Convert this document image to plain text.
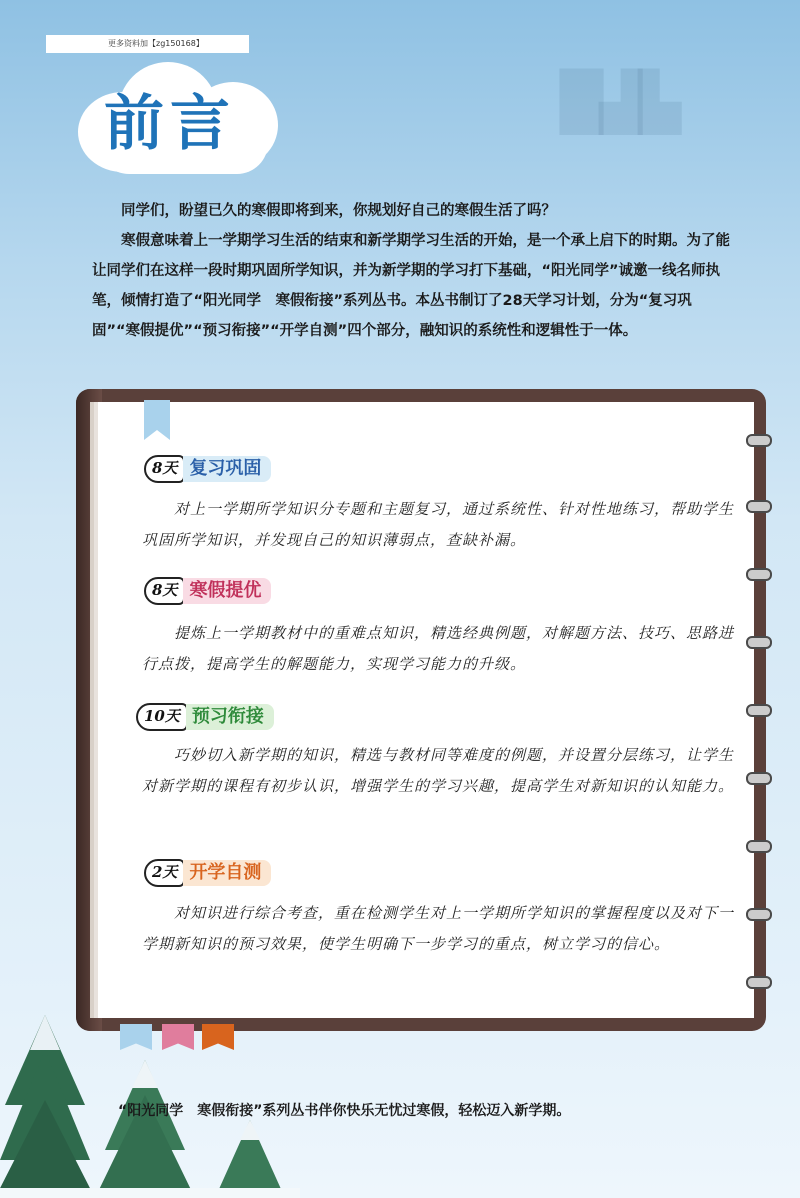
更多资料加【zg150168】
█▟▙
前言

同学们，盼望已久的寒假即将到来，你规划好自己的寒假生活了吗？

寒假意味着上一学期学习生活的结束和新学期学习生活的开始，是一个承上启下的时期。为了能让同学们在这样一段时期巩固所学知识，并为新学期的学习打下基础，“阳光同学”诚邀一线名师执笔，倾情打造了“阳光同学　寒假衔接”系列丛书。本丛书制订了28天学习计划，分为“复习巩固”“寒假提优”“预习衔接”“开学自测”四个部分，融知识的系统性和逻辑性于一体。

8天 复习巩固

对上一学期所学知识分专题和主题复习，通过系统性、针对性地练习，帮助学生巩固所学知识，并发现自己的知识薄弱点，查缺补漏。

8天 寒假提优

提炼上一学期教材中的重难点知识，精选经典例题，对解题方法、技巧、思路进行点拨，提高学生的解题能力，实现学习能力的升级。

10天 预习衔接

巧妙切入新学期的知识，精选与教材同等难度的例题，并设置分层练习，让学生对新学期的课程有初步认识，增强学生的学习兴趣，提高学生对新知识的认知能力。

2天 开学自测

对知识进行综合考查，重在检测学生对上一学期所学知识的掌握程度以及对下一学期新知识的预习效果，使学生明确下一步学习的重点，树立学习的信心。

“阳光同学　寒假衔接”系列丛书伴你快乐无忧过寒假，轻松迈入新学期。
